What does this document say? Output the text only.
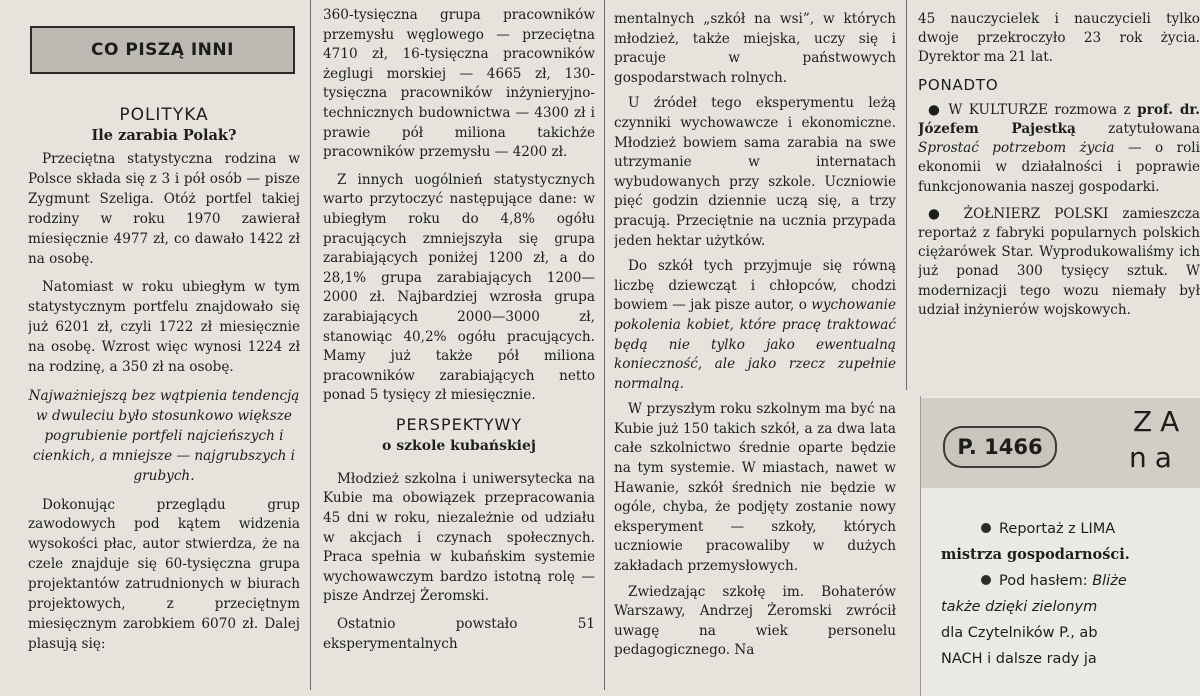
CO PISZĄ INNI
POLITYKA
Ile zarabia Polak?

Przeciętna statystyczna rodzina w Polsce składa się z 3 i pół osób — pisze Zygmunt Szeliga. Otóż portfel takiej rodziny w roku 1970 zawierał miesięcznie 4977 zł, co dawało 1422 zł na osobę.

Natomiast w roku ubiegłym w tym statystycznym portfelu znajdowało się już 6201 zł, czyli 1722 zł miesięcznie na osobę. Wzrost więc wynosi 1224 zł na rodzinę, a 350 zł na osobę.

Najważniejszą bez wątpienia tendencją w dwuleciu było stosunkowo większe pogrubienie portfeli najcieńszych i cienkich, a mniejsze — najgrubszych i grubych.

Dokonując przeglądu grup zawodowych pod kątem widzenia wysokości płac, autor stwierdza, że na czele znajduje się 60-tysięczna grupa projektantów zatrudnionych w biurach projektowych, z przeciętnym miesięcznym zarobkiem 6070 zł. Dalej plasują się:

360-tysięczna grupa pracowników przemysłu węglowego — przeciętna 4710 zł, 16-tysięczna pracowników żeglugi morskiej — 4665 zł, 130-tysięczna pracowników inżynieryjno-technicznych budownictwa — 4300 zł i prawie pół miliona takichże pracowników przemysłu — 4200 zł.

Z innych uogólnień statystycznych warto przytoczyć następujące dane: w ubiegłym roku do 4,8% ogółu pracujących zmniejszyła się grupa zarabiających poniżej 1200 zł, a do 28,1% grupa zarabiających 1200—2000 zł. Najbardziej wzrosła grupa zarabiających 2000—3000 zł, stanowiąc 40,2% ogółu pracujących. Mamy już także pół miliona pracowników zarabiających netto ponad 5 tysięcy zł miesięcznie.

PERSPEKTYWY
o szkole kubańskiej

Młodzież szkolna i uniwersytecka na Kubie ma obowiązek przepracowania 45 dni w roku, niezależnie od udziału w akcjach i czynach społecznych. Praca spełnia w kubańskim systemie wychowawczym bardzo istotną rolę — pisze Andrzej Żeromski.

Ostatnio powstało 51 eksperymentalnych

mentalnych „szkół na wsi”, w których młodzież, także miejska, uczy się i pracuje w państwowych gospodarstwach rolnych.

U źródeł tego eksperymentu leżą czynniki wychowawcze i ekonomiczne. Młodzież bowiem sama zarabia na swe utrzymanie w internatach wybudowanych przy szkole. Uczniowie pięć godzin dziennie uczą się, a trzy pracują. Przeciętnie na ucznia przypada jeden hektar użytków.

Do szkół tych przyjmuje się równą liczbę dziewcząt i chłopców, chodzi bowiem — jak pisze autor, o wychowanie pokolenia kobiet, które pracę traktować będą nie tylko jako ewentualną konieczność, ale jako rzecz zupełnie normalną.

W przyszłym roku szkolnym ma być na Kubie już 150 takich szkół, a za dwa lata całe szkolnictwo średnie oparte będzie na tym systemie. W miastach, nawet w Hawanie, szkół średnich nie będzie w ogóle, chyba, że podjęty zostanie nowy eksperyment — szkoły, których uczniowie pracowaliby w dużych zakładach przemysłowych.

Zwiedzając szkołę im. Bohaterów Warszawy, Andrzej Żeromski zwrócił uwagę na wiek personelu pedagogicznego. Na

45 nauczycielek i nauczycieli tylko dwoje przekroczyło 23 rok życia. Dyrektor ma 21 lat.

PONADTO

● W KULTURZE rozmowa z prof. dr. Józefem Pajestką zatytułowana Sprostać potrzebom życia — o roli ekonomii w działalności i poprawie funkcjonowania naszej gospodarki.

● ŻOŁNIERZ POLSKI zamieszcza reportaż z fabryki popularnych polskich ciężarówek Star. Wyprodukowaliśmy ich już ponad 300 tysięcy sztuk. W modernizacji tego wozu niemały był udział inżynierów wojskowych.

P. 1466
ZA
na
Reportaż z LIMA
mistrza gospodarności.
Pod hasłem: Bliże
także dzięki zielonym
dla Czytelników P., ab
NACH i dalsze rady ja
